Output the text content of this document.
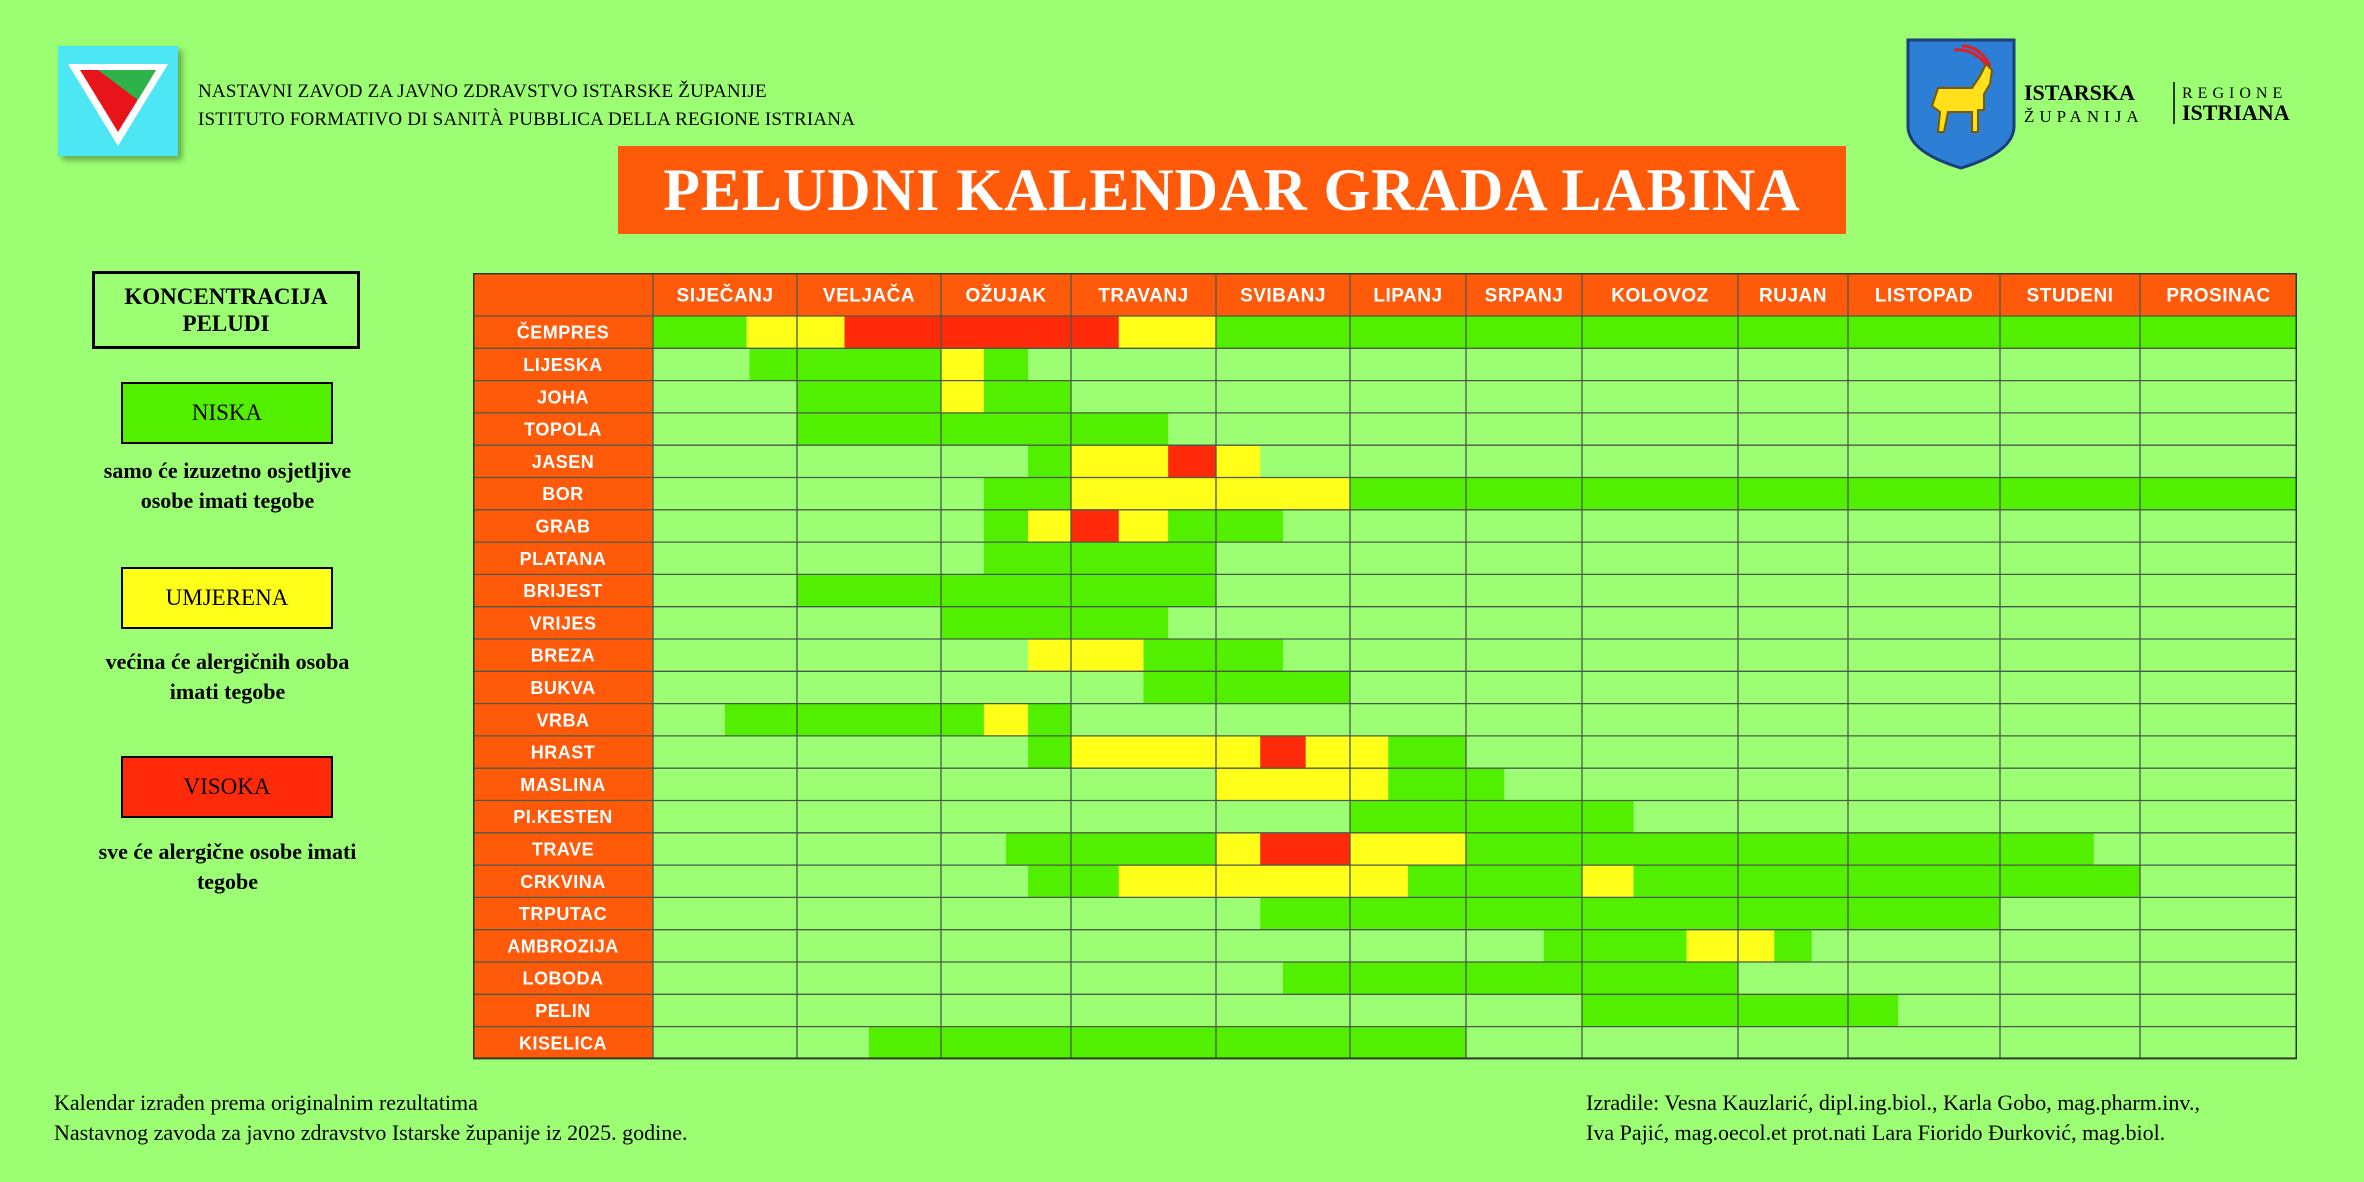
NASTAVNI ZAVOD ZA JAVNO ZDRAVSTVO ISTARSKE ŽUPANIJE
ISTITUTO FORMATIVO DI SANITÀ PUBBLICA DELLA REGIONE ISTRIANA
PELUDNI KALENDAR GRADA LABINA
ISTARSKA
ŽUPANIJA
REGIONE
ISTRIANA
KONCENTRACIJA
PELUDI
NISKA
samo će izuzetno osjetljive
osobe imati tegobe
UMJERENA
većina će alergičnih osoba
imati tegobe
VISOKA
sve će alergične osobe imati
tegobe
SIJEČANJ	VELJAČA	OŽUJAK	TRAVANJ	SVIBANJ LIPANJ SRPANJ	KOLOVOZ	RUJAN	LISTOPAD	STUDENI	PROSINAC
ČEMPRES
LIJESKA
JOHA
TOPOLA
JASEN
BOR
GRAB
PLATANA
BRIJEST
VRIJES
BREZA
BUKVA
VRBA
HRAST
MASLINA
PI.KESTEN
TRAVE
CRKVINA
TRPUTAC
AMBROZIJA
LOBODA
PELIN
KISELICA
Kalendar izrađen prema originalnim rezultatima
Nastavnog zavoda za javno zdravstvo Istarske županije iz 2025. godine.
Izradile: Vesna Kauzlarić, dipl.ing.biol., Karla Gobo, mag.pharm.inv.,
Iva Pajić, mag.oecol.et prot.nati Lara Fiorido Đurković, mag.biol.
